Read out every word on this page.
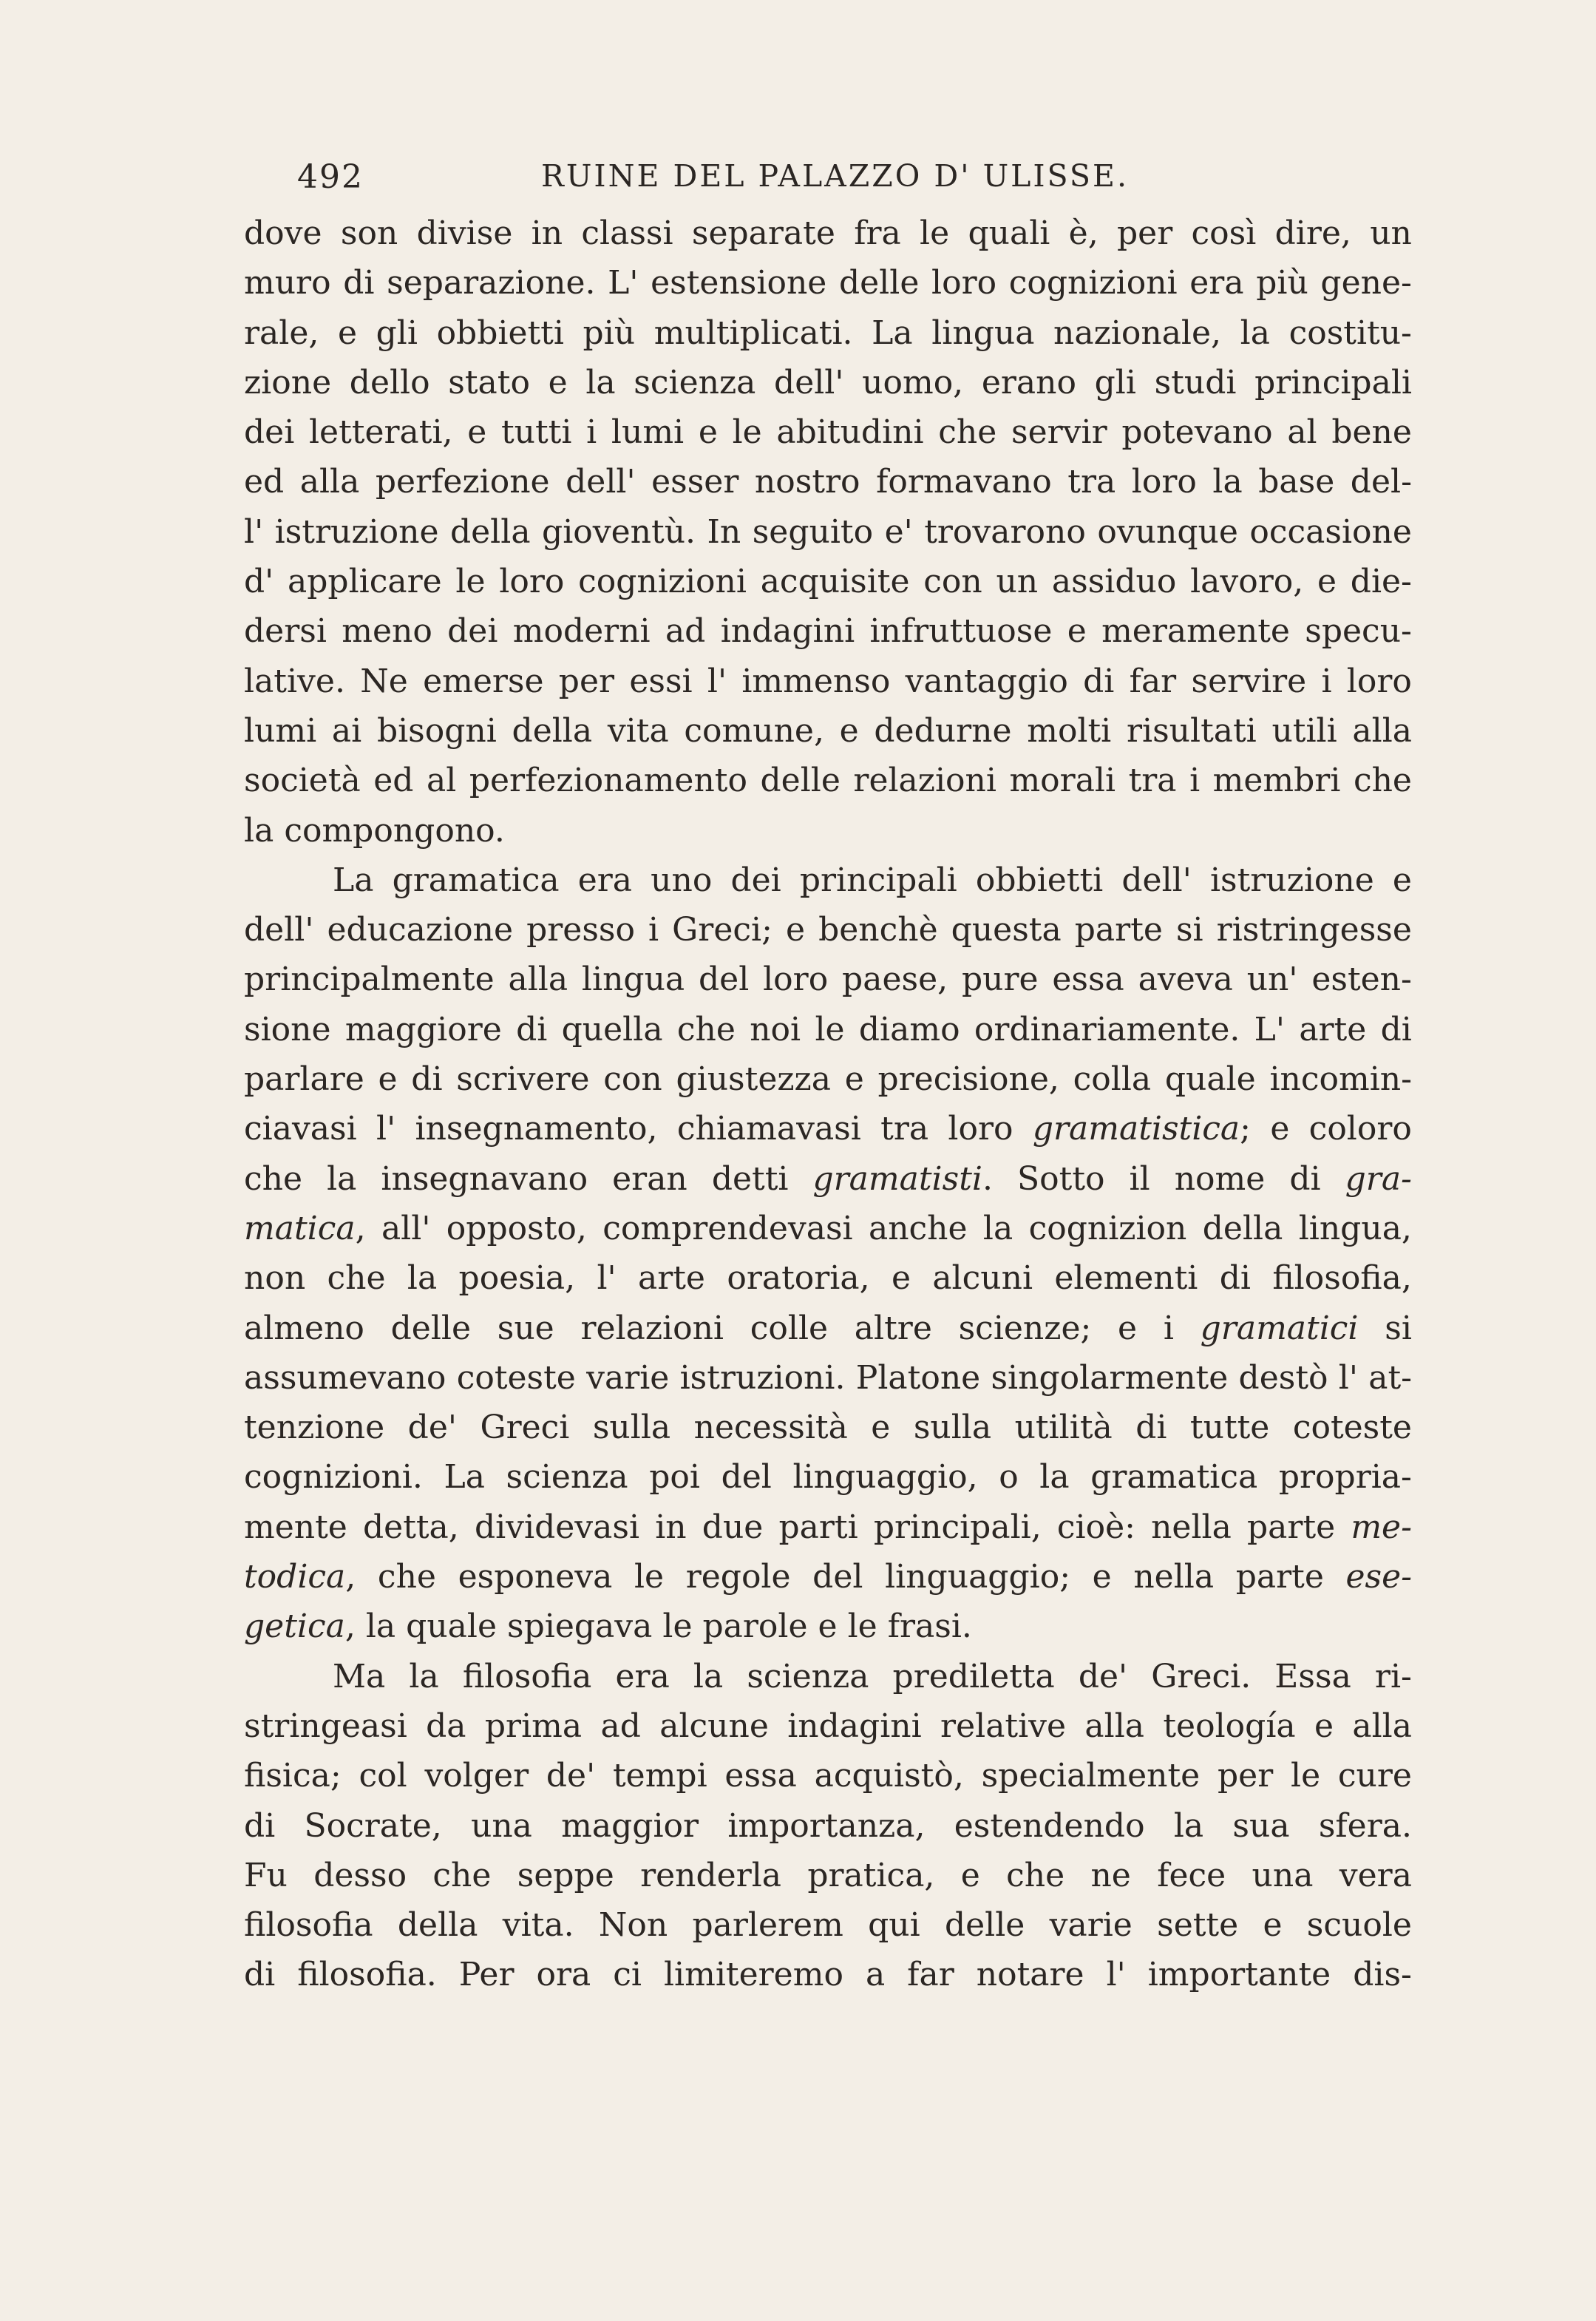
492	RUINE DEL PALAZZO D' ULISSE.
dove son divise in classi separate fra le quali è, per così dire, un
muro di separazione. L' estensione delle loro cognizioni era più gene-
rale, e gli obbietti più multiplicati. La lingua nazionale, la costitu-
zione dello stato e la scienza dell' uomo, erano gli studi principali
dei letterati, e tutti i lumi e le abitudini che servir potevano al bene
ed alla perfezione dell' esser nostro formavano tra loro la base del-
l' istruzione della gioventù. In seguito e' trovarono ovunque occasione
d' applicare le loro cognizioni acquisite con un assiduo lavoro, e die-
dersi meno dei moderni ad indagini infruttuose e meramente specu-
lative. Ne emerse per essi l' immenso vantaggio di far servire i loro
lumi ai bisogni della vita comune, e dedurne molti risultati utili alla
società ed al perfezionamento delle relazioni morali tra i membri che
la compongono.
La gramatica era uno dei principali obbietti dell' istruzione e
dell' educazione presso i Greci; e benchè questa parte si ristringesse
principalmente alla lingua del loro paese, pure essa aveva un' esten-
sione maggiore di quella che noi le diamo ordinariamente. L' arte di
parlare e di scrivere con giustezza e precisione, colla quale incomin-
ciavasi l' insegnamento, chiamavasi tra loro gramatistica; e coloro
che la insegnavano eran detti gramatisti. Sotto il nome di gra-
matica, all' opposto, comprendevasi anche la cognizion della lingua,
non che la poesia, l' arte oratoria, e alcuni elementi di filosofia,
almeno delle sue relazioni colle altre scienze; e i gramatici si
assumevano coteste varie istruzioni. Platone singolarmente destò l' at-
tenzione de' Greci sulla necessità e sulla utilità di tutte coteste
cognizioni. La scienza poi del linguaggio, o la gramatica propria-
mente detta, dividevasi in due parti principali, cioè: nella parte me-
todica, che esponeva le regole del linguaggio; e nella parte ese-
getica, la quale spiegava le parole e le frasi.
Ma la filosofia era la scienza prediletta de' Greci. Essa ri-
stringeasi da prima ad alcune indagini relative alla teología e alla
fisica; col volger de' tempi essa acquistò, specialmente per le cure
di Socrate, una maggior importanza, estendendo la sua sfera.
Fu desso che seppe renderla pratica, e che ne fece una vera
filosofia della vita. Non parlerem qui delle varie sette e scuole
di filosofia. Per ora ci limiteremo a far notare l' importante dis-
